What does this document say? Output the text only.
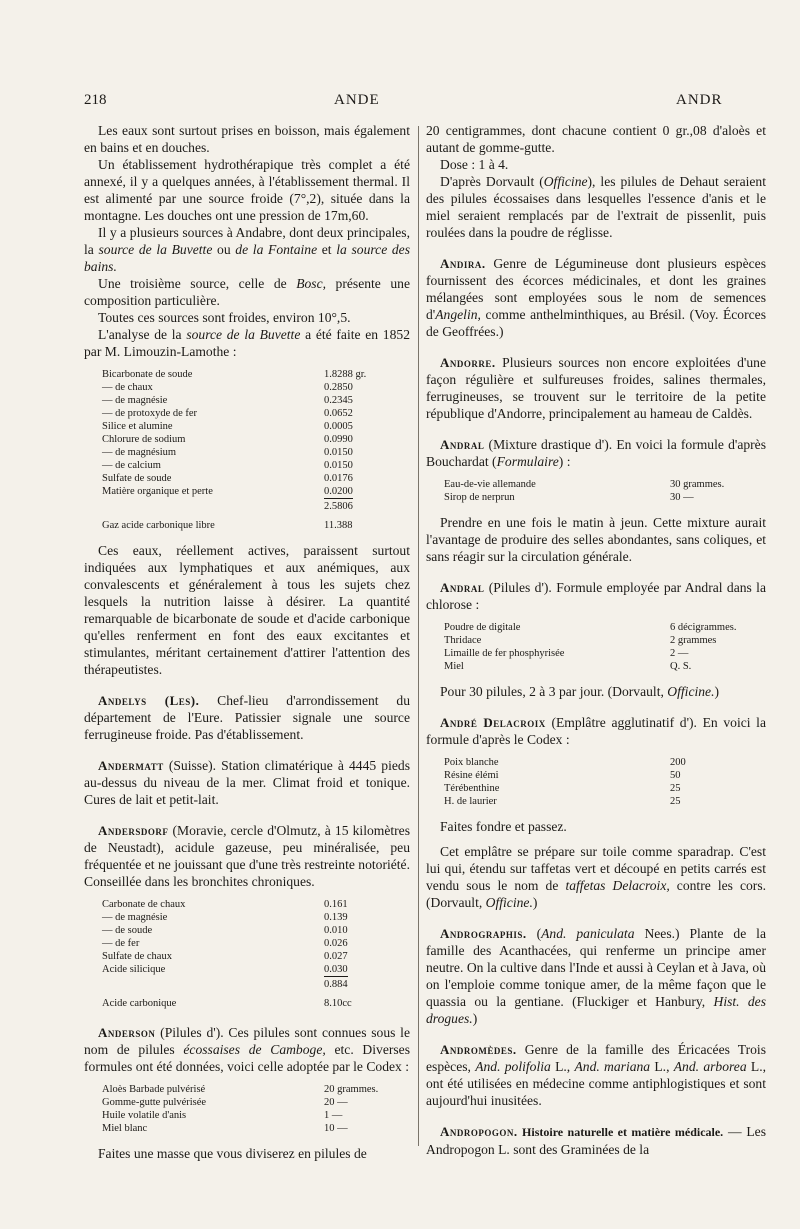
218	ANDE	ANDR

Les eaux sont surtout prises en boisson, mais également en bains et en douches.

Un établissement hydrothérapique très complet a été annexé, il y a quelques années, à l'établissement thermal. Il est alimenté par une source froide (7°,2), située dans la montagne. Les douches ont une pression de 17m,60.

Il y a plusieurs sources à Andabre, dont deux principales, la source de la Buvette ou de la Fontaine et la source des bains.

Une troisième source, celle de Bosc, présente une composition particulière.

Toutes ces sources sont froides, environ 10°,5.

L'analyse de la source de la Buvette a été faite en 1852 par M. Limouzin-Lamothe :

Bicarbonate de soude	1.8288 gr.
— de chaux	0.2850
— de magnésie	0.2345
— de protoxyde de fer	0.0652
Silice et alumine	0.0005
Chlorure de sodium	0.0990
— de magnésium	0.0150
— de calcium	0.0150
Sulfate de soude	0.0176
Matière organique et perte	0.0200
	2.5806
Gaz acide carbonique libre	11.388

Ces eaux, réellement actives, paraissent surtout indiquées aux lymphatiques et aux anémiques, aux convalescents et généralement à tous les sujets chez lesquels la nutrition laisse à désirer. La quantité remarquable de bicarbonate de soude et d'acide carbonique qu'elles renferment en font des eaux excitantes et stimulantes, méritant certainement d'attirer l'attention des thérapeutistes.

Andelys (Les). Chef-lieu d'arrondissement du département de l'Eure. Patissier signale une source ferrugineuse froide. Pas d'établissement.

Andermatt (Suisse). Station climatérique à 4445 pieds au-dessus du niveau de la mer. Climat froid et tonique. Cures de lait et petit-lait.

Andersdorf (Moravie, cercle d'Olmutz, à 15 kilomètres de Neustadt), acidule gazeuse, peu minéralisée, peu fréquentée et ne jouissant que d'une très restreinte notoriété. Conseillée dans les bronchites chroniques.

Carbonate de chaux	0.161
— de magnésie	0.139
— de soude	0.010
— de fer	0.026
Sulfate de chaux	0.027
Acide silicique	0.030
	0.884
Acide carbonique	8.10cc

Anderson (Pilules d'). Ces pilules sont connues sous le nom de pilules écossaises de Camboge, etc. Diverses formules ont été données, voici celle adoptée par le Codex :

Aloès Barbade pulvérisé	20 grammes.
Gomme-gutte pulvérisée	20 —
Huile volatile d'anis	1 —
Miel blanc	10 —

Faites une masse que vous diviserez en pilules de

20 centigrammes, dont chacune contient 0 gr.,08 d'aloès et autant de gomme-gutte.

Dose : 1 à 4.

D'après Dorvault (Officine), les pilules de Dehaut seraient des pilules écossaises dans lesquelles l'essence d'anis et le miel seraient remplacés par de l'extrait de pissenlit, puis roulées dans la poudre de réglisse.

Andira. Genre de Légumineuse dont plusieurs espèces fournissent des écorces médicinales, et dont les graines mélangées sont employées sous le nom de semences d'Angelin, comme anthelminthiques, au Brésil. (Voy. Écorces de Geoffrées.)

Andorre. Plusieurs sources non encore exploitées d'une façon régulière et sulfureuses froides, salines thermales, ferrugineuses, se trouvent sur le territoire de la petite république d'Andorre, principalement au hameau de Caldès.

Andral (Mixture drastique d'). En voici la formule d'après Bouchardat (Formulaire) :

Eau-de-vie allemande	30 grammes.
Sirop de nerprun	30 —

Prendre en une fois le matin à jeun. Cette mixture aurait l'avantage de produire des selles abondantes, sans coliques, et sans réagir sur la circulation générale.

Andral (Pilules d'). Formule employée par Andral dans la chlorose :

Poudre de digitale	6 décigrammes.
Thridace	2 grammes
Limaille de fer phosphyrisée	2 —
Miel	Q. S.

Pour 30 pilules, 2 à 3 par jour. (Dorvault, Officine.)

André Delacroix (Emplâtre agglutinatif d'). En voici la formule d'après le Codex :

Poix blanche	200
Résine élémi	50
Térébenthine	25
H. de laurier	25

Faites fondre et passez.

Cet emplâtre se prépare sur toile comme sparadrap. C'est lui qui, étendu sur taffetas vert et découpé en petits carrés est vendu sous le nom de taffetas Delacroix, contre les cors. (Dorvault, Officine.)

Andrographis. (And. paniculata Nees.) Plante de la famille des Acanthacées, qui renferme un principe amer neutre. On la cultive dans l'Inde et aussi à Ceylan et à Java, où on l'emploie comme tonique amer, de la même façon que le quassia ou la gentiane. (Fluckiger et Hanbury, Hist. des drogues.)

Andromèdes. Genre de la famille des Éricacées Trois espèces, And. polifolia L., And. mariana L., And. arborea L., ont été utilisées en médecine comme antiphlogistiques et sont aujourd'hui inusitées.

Andropogon. Histoire naturelle et matière médicale. — Les Andropogon L. sont des Graminées de la
